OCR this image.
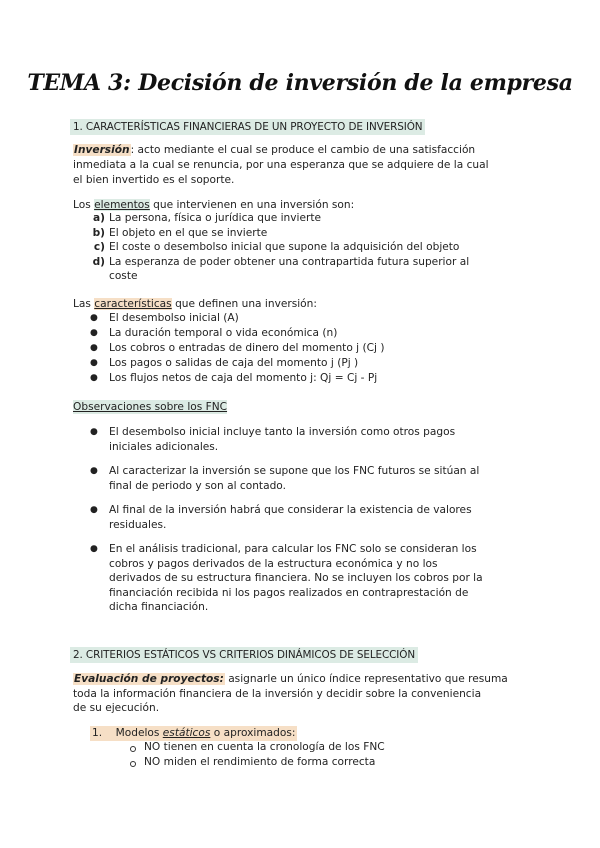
TEMA 3: Decisión de inversión de la empresa
1. CARACTERÍSTICAS FINANCIERAS DE UN PROYECTO DE INVERSIÓN
Inversión: acto mediante el cual se produce el cambio de una satisfacción
inmediata a la cual se renuncia, por una esperanza que se adquiere de la cual
el bien invertido es el soporte.
Los elementos que intervienen en una inversión son:
a) La persona, física o jurídica que invierte
b) El objeto en el que se invierte
c) El coste o desembolso inicial que supone la adquisición del objeto
d) La esperanza de poder obtener una contrapartida futura superior al
coste
Las características que definen una inversión:
● El desembolso inicial (A)
● La duración temporal o vida económica (n)
● Los cobros o entradas de dinero del momento j (Cj )
● Los pagos o salidas de caja del momento j (Pj )
● Los flujos netos de caja del momento j: Qj = Cj - Pj
Observaciones sobre los FNC
● El desembolso inicial incluye tanto la inversión como otros pagos
iniciales adicionales.
● Al caracterizar la inversión se supone que los FNC futuros se sitúan al
final de periodo y son al contado.
● Al final de la inversión habrá que considerar la existencia de valores
residuales.
● En el análisis tradicional, para calcular los FNC solo se consideran los
cobros y pagos derivados de la estructura económica y no los
derivados de su estructura financiera. No se incluyen los cobros por la
financiación recibida ni los pagos realizados en contraprestación de
dicha financiación.
2. CRITERIOS ESTÁTICOS VS CRITERIOS DINÁMICOS DE SELECCIÓN
Evaluación de proyectos: asignarle un único índice representativo que resuma
toda la información financiera de la inversión y decidir sobre la conveniencia
de su ejecución.
1. Modelos estáticos o aproximados:
NO tienen en cuenta la cronología de los FNC
NO miden el rendimiento de forma correcta
